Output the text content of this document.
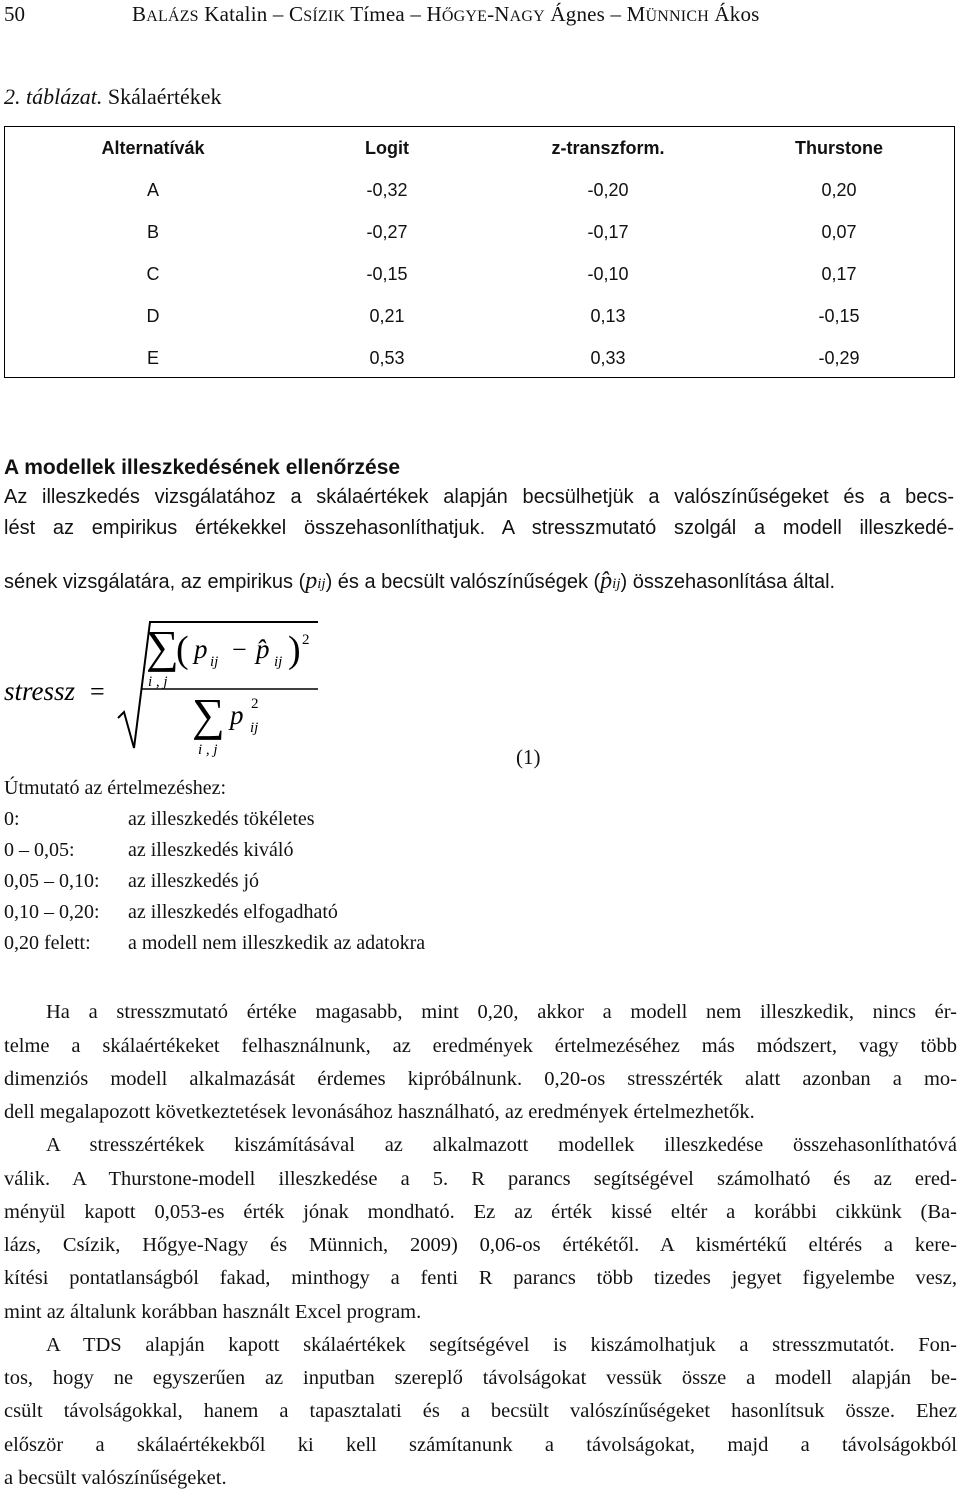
50	BALÁZS Katalin – CSÍZIK Tímea – HŐGYE-NAGY Ágnes – MÜNNICH Ákos
2. táblázat. Skálaértékek
Alternatívák	Logit	z-transzform.	Thurstone
A	-0,32	-0,20	0,20
B	-0,27	-0,17	0,07
C	-0,15	-0,10	0,17
D	0,21	0,13	-0,15
E	0,53	0,33	-0,29
A modellek illeszkedésének ellenőrzése
Az illeszkedés vizsgálatához a skálaértékek alapján becsülhetjük a valószínűségeket és a becs-
lést az empirikus értékekkel összehasonlíthatjuk. A stresszmutató szolgál a modell illeszkedé-
sének vizsgálatára, az empirikus (pij) és a becsült valószínűségek (p̂ij) összehasonlítása által.
stressz =
∑
i , j
( p ij − p̂ ij ) 2
∑
i , j
p 2
ij
(1)
Útmutató az értelmezéshez:
0:	az illeszkedés tökéletes
0 – 0,05:	az illeszkedés kiváló
0,05 – 0,10:	az illeszkedés jó
0,10 – 0,20:	az illeszkedés elfogadható
0,20 felett:	a modell nem illeszkedik az adatokra
Ha a stresszmutató értéke magasabb, mint 0,20, akkor a modell nem illeszkedik, nincs ér-
telme a skálaértékeket felhasználnunk, az eredmények értelmezéséhez más módszert, vagy több
dimenziós modell alkalmazását érdemes kipróbálnunk. 0,20-os stresszérték alatt azonban a mo-
dell megalapozott következtetések levonásához használható, az eredmények értelmezhetők.
A stresszértékek kiszámításával az alkalmazott modellek illeszkedése összehasonlíthatóvá
válik. A Thurstone-modell illeszkedése a 5. R parancs segítségével számolható és az ered-
ményül kapott 0,053-es érték jónak mondható. Ez az érték kissé eltér a korábbi cikkünk (Ba-
lázs, Csízik, Hőgye-Nagy és Münnich, 2009) 0,06-os értékétől. A kismértékű eltérés a kere-
kítési pontatlanságból fakad, minthogy a fenti R parancs több tizedes jegyet figyelembe vesz,
mint az általunk korábban használt Excel program.
A TDS alapján kapott skálaértékek segítségével is kiszámolhatjuk a stresszmutatót. Fon-
tos, hogy ne egyszerűen az inputban szereplő távolságokat vessük össze a modell alapján be-
csült távolságokkal, hanem a tapasztalati és a becsült valószínűségeket hasonlítsuk össze. Ehez
először a skálaértékekből ki kell számítanunk a távolságokat, majd a távolságokból
a becsült valószínűségeket.
